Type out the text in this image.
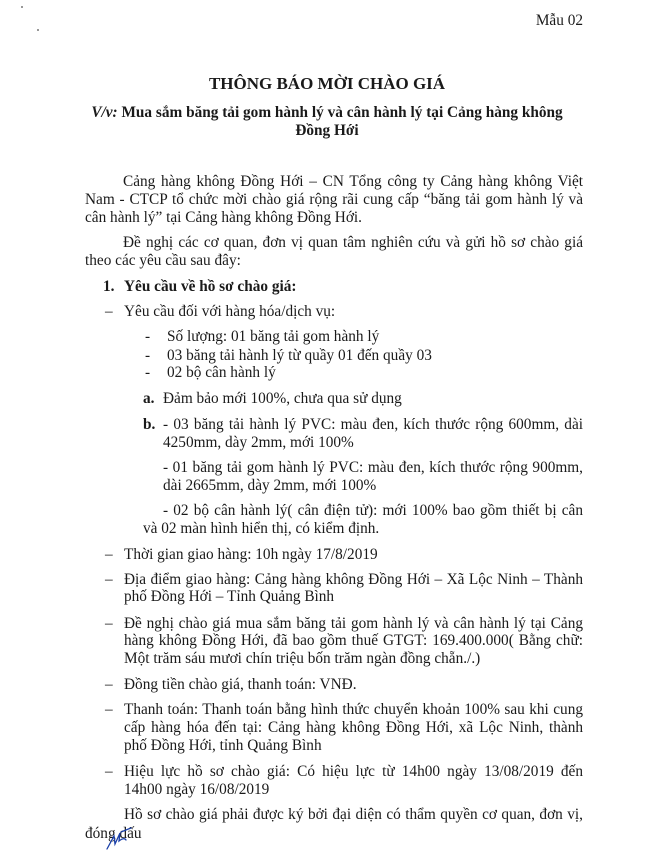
Mẫu 02
THÔNG BÁO MỜI CHÀO GIÁ
V/v: Mua sắm băng tải gom hành lý và cân hành lý tại Cảng hàng không
Đồng Hới
Cảng hàng không Đồng Hới – CN Tổng công ty Cảng hàng không Việt
Nam - CTCP tổ chức mời chào giá rộng rãi cung cấp “băng tải gom hành lý và
cân hành lý” tại Cảng hàng không Đồng Hới.
Đề nghị các cơ quan, đơn vị quan tâm nghiên cứu và gửi hồ sơ chào giá
theo các yêu cầu sau đây:
1. Yêu cầu về hồ sơ chào giá:
– Yêu cầu đối với hàng hóa/dịch vụ:
- Số lượng: 01 băng tải gom hành lý
- 03 băng tải hành lý từ quầy 01 đến quầy 03
- 02 bộ cân hành lý
a. Đảm bảo mới 100%, chưa qua sử dụng
b. - 03 băng tải hành lý PVC: màu đen, kích thước rộng 600mm, dài
4250mm, dày 2mm, mới 100%
- 01 băng tải gom hành lý PVC: màu đen, kích thước rộng 900mm,
dài 2665mm, dày 2mm, mới 100%
- 02 bộ cân hành lý( cân điện tử): mới 100% bao gồm thiết bị cân
và 02 màn hình hiển thị, có kiểm định.
– Thời gian giao hàng: 10h ngày 17/8/2019
– Địa điểm giao hàng: Cảng hàng không Đồng Hới – Xã Lộc Ninh – Thành
phố Đồng Hới – Tỉnh Quảng Bình
– Đề nghị chào giá mua sắm băng tải gom hành lý và cân hành lý tại Cảng
hàng không Đồng Hới, đã bao gồm thuế GTGT: 169.400.000( Bằng chữ:
Một trăm sáu mươi chín triệu bốn trăm ngàn đồng chẵn./.)
– Đồng tiền chào giá, thanh toán: VNĐ.
– Thanh toán: Thanh toán bằng hình thức chuyển khoản 100% sau khi cung
cấp hàng hóa đến tại: Cảng hàng không Đồng Hới, xã Lộc Ninh, thành
phố Đồng Hới, tỉnh Quảng Bình
– Hiệu lực hồ sơ chào giá: Có hiệu lực từ 14h00 ngày 13/08/2019 đến
14h00 ngày 16/08/2019
Hồ sơ chào giá phải được ký bởi đại diện có thẩm quyền cơ quan, đơn vị,
đóng dấu
